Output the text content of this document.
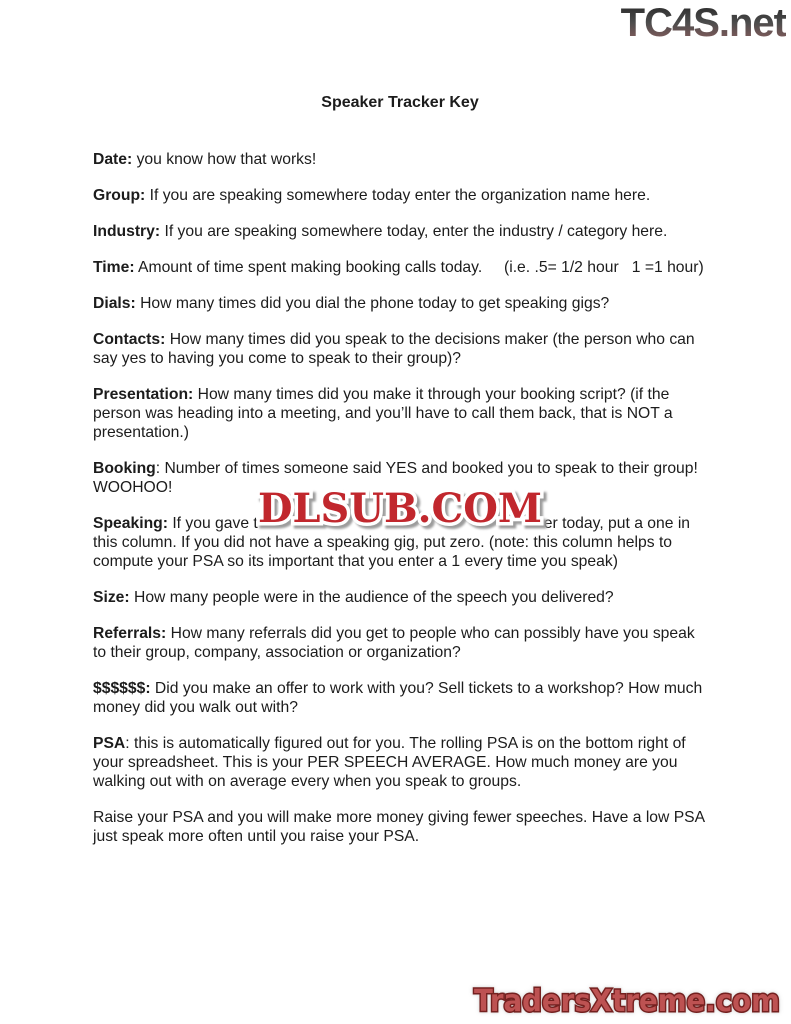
TC4S.net
Speaker Tracker Key

Date: you know how that works!

Group: If you are speaking somewhere today enter the organization name here.

Industry: If you are speaking somewhere today, enter the industry / category here.

Time: Amount of time spent making booking calls today.     (i.e. .5= 1/2 hour   1 =1 hour)

Dials: How many times did you dial the phone today to get speaking gigs?

Contacts: How many times did you speak to the decisions maker (the person who can say yes to having you come to speak to their group)?

Presentation: How many times did you make it through your booking script? (if the person was heading into a meeting, and you’ll have to call them back, that is NOT a presentation.)

Booking: Number of times someone said YES and booked you to speak to their group! WOOHOO!

Speaking: If you gave t	er today, put a one in this column. If you did not have a speaking gig, put zero. (note: this column helps to compute your PSA so its important that you enter a 1 every time you speak)

Size: How many people were in the audience of the speech you delivered?

Referrals: How many referrals did you get to people who can possibly have you speak to their group, company, association or organization?

$$$$$$: Did you make an offer to work with you? Sell tickets to a workshop? How much money did you walk out with?

PSA: this is automatically figured out for you. The rolling PSA is on the bottom right of your spreadsheet. This is your PER SPEECH AVERAGE. How much money are you walking out with on average every when you speak to groups.

Raise your PSA and you will make more money giving fewer speeches. Have a low PSA just speak more often until you raise your PSA.

DLSUB.COM
TradersXtreme.com
